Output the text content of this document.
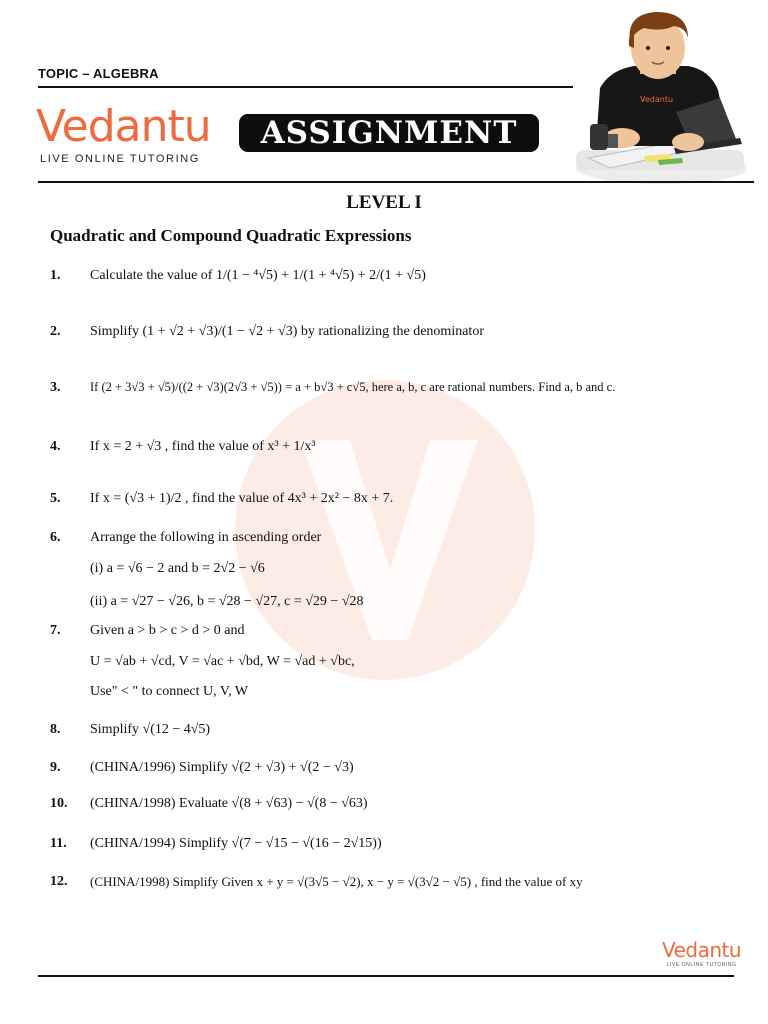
TOPIC – ALGEBRA
Vedantu
LIVE ONLINE TUTORING
ASSIGNMENT
Vedantu
LEVEL I
Quadratic and Compound Quadratic Expressions
1. Calculate the value of 1/(1 − ⁴√5) + 1/(1 + ⁴√5) + 2/(1 + √5)
2. Simplify (1 + √2 + √3)/(1 − √2 + √3) by rationalizing the denominator
3. If (2 + 3√3 + √5)/((2 + √3)(2√3 + √5)) = a + b√3 + c√5, here a, b, c are rational numbers. Find a, b and c.
4. If x = 2 + √3 , find the value of x³ + 1/x³
5. If x = (√3 + 1)/2 , find the value of 4x³ + 2x² − 8x + 7.
6. Arrange the following in ascending order
(i) a = √6 − 2 and b = 2√2 − √6
(ii) a = √27 − √26, b = √28 − √27, c = √29 − √28
7. Given a > b > c > d > 0 and
U = √ab + √cd, V = √ac + √bd, W = √ad + √bc,
Use" < " to connect U, V, W
8. Simplify √(12 − 4√5)
9. (CHINA/1996) Simplify √(2 + √3) + √(2 − √3)
10. (CHINA/1998) Evaluate √(8 + √63) − √(8 − √63)
11. (CHINA/1994) Simplify √(7 − √15 − √(16 − 2√15))
12. (CHINA/1998) Simplify Given x + y = √(3√5 − √2), x − y = √(3√2 − √5) , find the value of xy
Vedantu
LIVE ONLINE TUTORING
